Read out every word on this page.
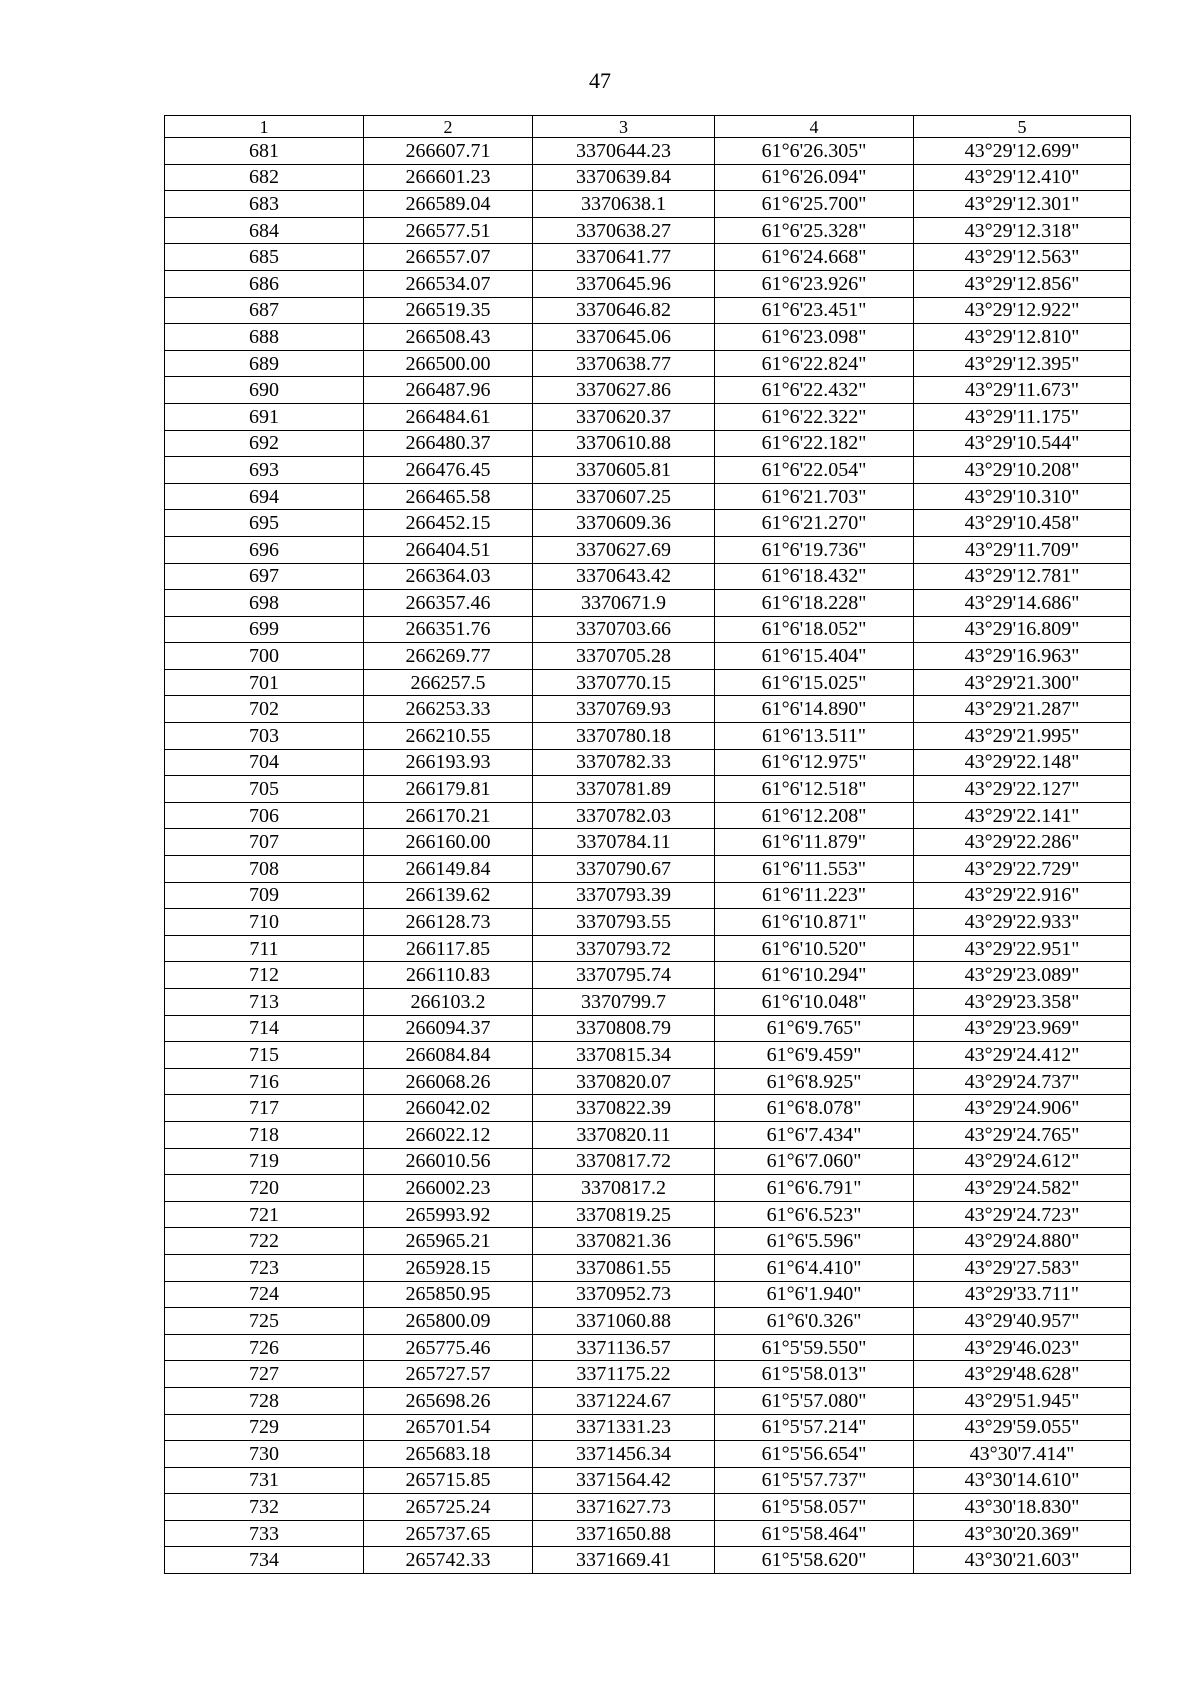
47
1	2	3	4	5
681	266607.71	3370644.23	61°6'26.305"	43°29'12.699"
682	266601.23	3370639.84	61°6'26.094"	43°29'12.410"
683	266589.04	3370638.1	61°6'25.700"	43°29'12.301"
684	266577.51	3370638.27	61°6'25.328"	43°29'12.318"
685	266557.07	3370641.77	61°6'24.668"	43°29'12.563"
686	266534.07	3370645.96	61°6'23.926"	43°29'12.856"
687	266519.35	3370646.82	61°6'23.451"	43°29'12.922"
688	266508.43	3370645.06	61°6'23.098"	43°29'12.810"
689	266500.00	3370638.77	61°6'22.824"	43°29'12.395"
690	266487.96	3370627.86	61°6'22.432"	43°29'11.673"
691	266484.61	3370620.37	61°6'22.322"	43°29'11.175"
692	266480.37	3370610.88	61°6'22.182"	43°29'10.544"
693	266476.45	3370605.81	61°6'22.054"	43°29'10.208"
694	266465.58	3370607.25	61°6'21.703"	43°29'10.310"
695	266452.15	3370609.36	61°6'21.270"	43°29'10.458"
696	266404.51	3370627.69	61°6'19.736"	43°29'11.709"
697	266364.03	3370643.42	61°6'18.432"	43°29'12.781"
698	266357.46	3370671.9	61°6'18.228"	43°29'14.686"
699	266351.76	3370703.66	61°6'18.052"	43°29'16.809"
700	266269.77	3370705.28	61°6'15.404"	43°29'16.963"
701	266257.5	3370770.15	61°6'15.025"	43°29'21.300"
702	266253.33	3370769.93	61°6'14.890"	43°29'21.287"
703	266210.55	3370780.18	61°6'13.511"	43°29'21.995"
704	266193.93	3370782.33	61°6'12.975"	43°29'22.148"
705	266179.81	3370781.89	61°6'12.518"	43°29'22.127"
706	266170.21	3370782.03	61°6'12.208"	43°29'22.141"
707	266160.00	3370784.11	61°6'11.879"	43°29'22.286"
708	266149.84	3370790.67	61°6'11.553"	43°29'22.729"
709	266139.62	3370793.39	61°6'11.223"	43°29'22.916"
710	266128.73	3370793.55	61°6'10.871"	43°29'22.933"
711	266117.85	3370793.72	61°6'10.520"	43°29'22.951"
712	266110.83	3370795.74	61°6'10.294"	43°29'23.089"
713	266103.2	3370799.7	61°6'10.048"	43°29'23.358"
714	266094.37	3370808.79	61°6'9.765"	43°29'23.969"
715	266084.84	3370815.34	61°6'9.459"	43°29'24.412"
716	266068.26	3370820.07	61°6'8.925"	43°29'24.737"
717	266042.02	3370822.39	61°6'8.078"	43°29'24.906"
718	266022.12	3370820.11	61°6'7.434"	43°29'24.765"
719	266010.56	3370817.72	61°6'7.060"	43°29'24.612"
720	266002.23	3370817.2	61°6'6.791"	43°29'24.582"
721	265993.92	3370819.25	61°6'6.523"	43°29'24.723"
722	265965.21	3370821.36	61°6'5.596"	43°29'24.880"
723	265928.15	3370861.55	61°6'4.410"	43°29'27.583"
724	265850.95	3370952.73	61°6'1.940"	43°29'33.711"
725	265800.09	3371060.88	61°6'0.326"	43°29'40.957"
726	265775.46	3371136.57	61°5'59.550"	43°29'46.023"
727	265727.57	3371175.22	61°5'58.013"	43°29'48.628"
728	265698.26	3371224.67	61°5'57.080"	43°29'51.945"
729	265701.54	3371331.23	61°5'57.214"	43°29'59.055"
730	265683.18	3371456.34	61°5'56.654"	43°30'7.414"
731	265715.85	3371564.42	61°5'57.737"	43°30'14.610"
732	265725.24	3371627.73	61°5'58.057"	43°30'18.830"
733	265737.65	3371650.88	61°5'58.464"	43°30'20.369"
734	265742.33	3371669.41	61°5'58.620"	43°30'21.603"
